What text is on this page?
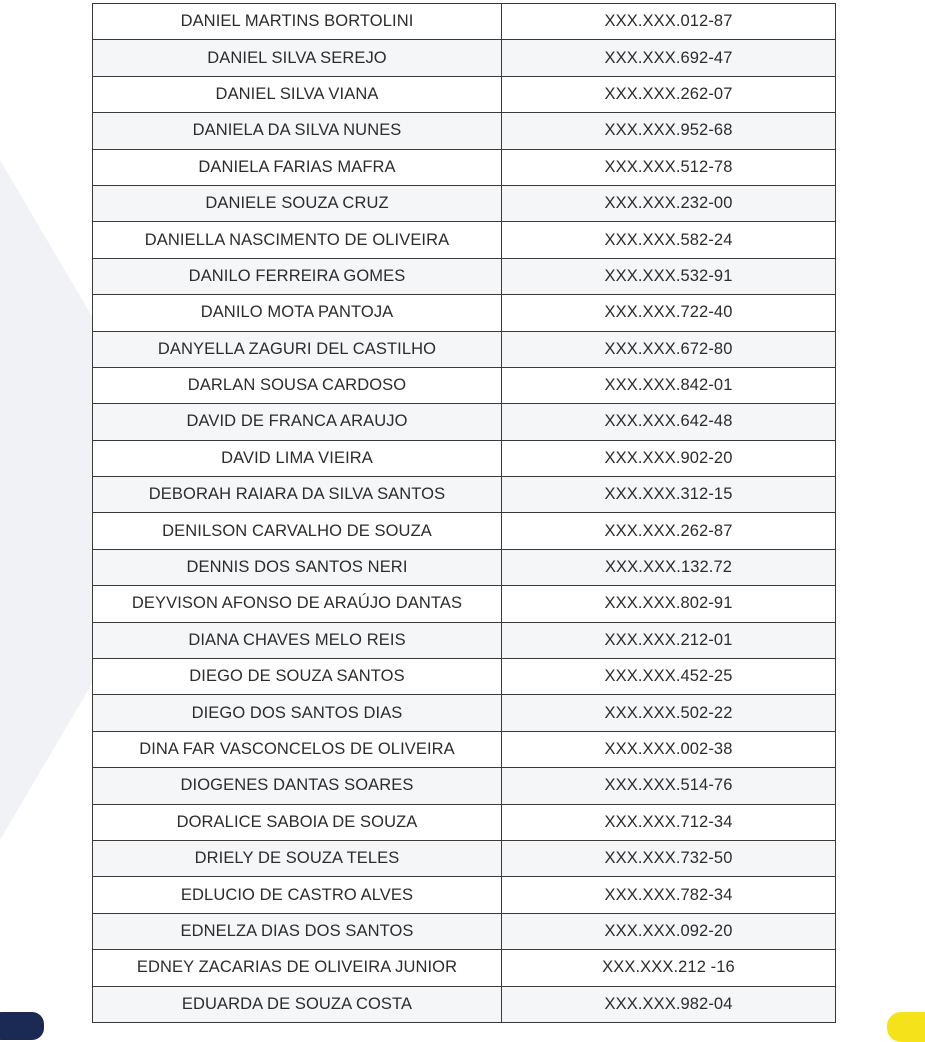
DANIEL MARTINS BORTOLINI	XXX.XXX.012-87
DANIEL SILVA SEREJO	XXX.XXX.692-47
DANIEL SILVA VIANA	XXX.XXX.262-07
DANIELA DA SILVA NUNES	XXX.XXX.952-68
DANIELA FARIAS MAFRA	XXX.XXX.512-78
DANIELE SOUZA CRUZ	XXX.XXX.232-00
DANIELLA NASCIMENTO DE OLIVEIRA	XXX.XXX.582-24
DANILO FERREIRA GOMES	XXX.XXX.532-91
DANILO MOTA PANTOJA	XXX.XXX.722-40
DANYELLA ZAGURI DEL CASTILHO	XXX.XXX.672-80
DARLAN SOUSA CARDOSO	XXX.XXX.842-01
DAVID DE FRANCA ARAUJO	XXX.XXX.642-48
DAVID LIMA VIEIRA	XXX.XXX.902-20
DEBORAH RAIARA DA SILVA SANTOS	XXX.XXX.312-15
DENILSON CARVALHO DE SOUZA	XXX.XXX.262-87
DENNIS DOS SANTOS NERI	XXX.XXX.132.72
DEYVISON AFONSO DE ARAÚJO DANTAS	XXX.XXX.802-91
DIANA CHAVES MELO REIS	XXX.XXX.212-01
DIEGO DE SOUZA SANTOS	XXX.XXX.452-25
DIEGO DOS SANTOS DIAS	XXX.XXX.502-22
DINA FAR VASCONCELOS DE OLIVEIRA	XXX.XXX.002-38
DIOGENES DANTAS SOARES	XXX.XXX.514-76
DORALICE SABOIA DE SOUZA	XXX.XXX.712-34
DRIELY DE SOUZA TELES	XXX.XXX.732-50
EDLUCIO DE CASTRO ALVES	XXX.XXX.782-34
EDNELZA DIAS DOS SANTOS	XXX.XXX.092-20
EDNEY ZACARIAS DE OLIVEIRA JUNIOR	XXX.XXX.212 -16
EDUARDA DE SOUZA COSTA	XXX.XXX.982-04
